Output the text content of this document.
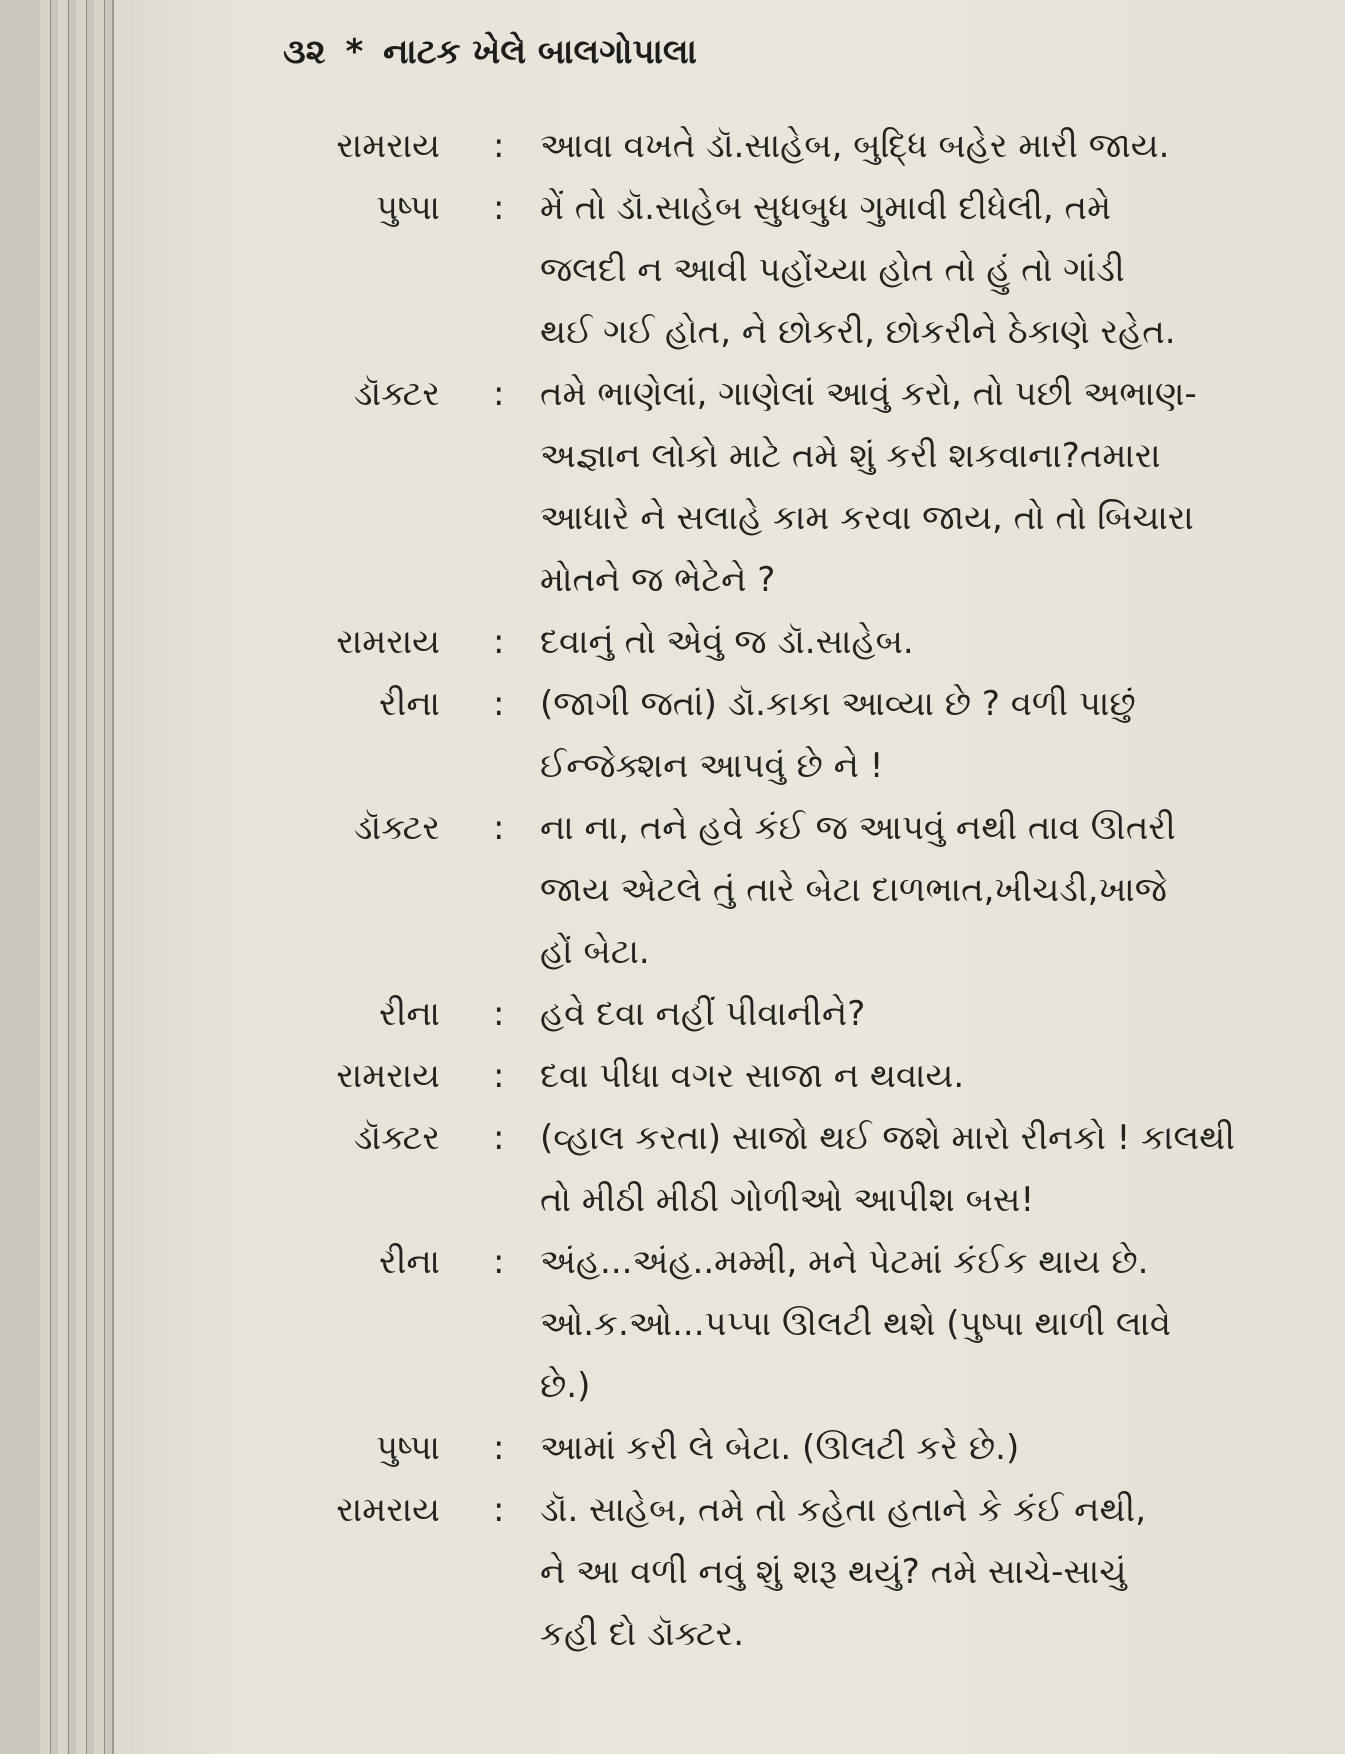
૩૨ * નાટક ખેલે બાલગોપાલા
રામરાય : આવા વખતે ડૉ.સાહેબ, બુદ્ધિ બહેર મારી જાય.
પુષ્પા : મેં તો ડૉ.સાહેબ સુધબુધ ગુમાવી દીધેલી, તમે
જલદી ન આવી પહોંચ્યા હોત તો હું તો ગાંડી
થઈ ગઈ હોત, ને છોકરી, છોકરીને ઠેકાણે રહેત.
ડૉક્ટર : તમે ભાણેલાં, ગાણેલાં આવું કરો, તો પછી અભાણ-
અજ્ઞાન લોકો માટે તમે શું કરી શકવાના?તમારા
આધારે ને સલાહે કામ કરવા જાય, તો તો બિચારા
મોતને જ ભેટેને ?
રામરાય : દવાનું તો એવું જ ડૉ.સાહેબ.
રીના : (જાગી જતાં) ડૉ.કાકા આવ્યા છે ? વળી પાછું
ઈન્જેક્શન આપવું છે ને !
ડૉક્ટર : ના ના, તને હવે કંઈ જ આપવું નથી તાવ ઊતરી
જાય એટલે તું તારે બેટા દાળભાત,ખીચડી,ખાજે
હોં બેટા.
રીના : હવે દવા નહીં પીવાનીને?
રામરાય : દવા પીધા વગર સાજા ન થવાય.
ડૉક્ટર : (વ્હાલ કરતા) સાજો થઈ જશે મારો રીનકો ! કાલથી
તો મીઠી મીઠી ગોળીઓ આપીશ બસ!
રીના : અંહ...અંહ..મમ્મી, મને પેટમાં કંઈક થાય છે.
ઓ.ક.ઓ...પપ્પા ઊલટી થશે (પુષ્પા થાળી લાવે
છે.)
પુષ્પા : આમાં કરી લે બેટા. (ઊલટી કરે છે.)
રામરાય : ડૉ. સાહેબ, તમે તો કહેતા હતાને કે કંઈ નથી,
ને આ વળી નવું શું શરૂ થયું? તમે સાચે-સાચું
કહી દો ડૉક્ટર.
